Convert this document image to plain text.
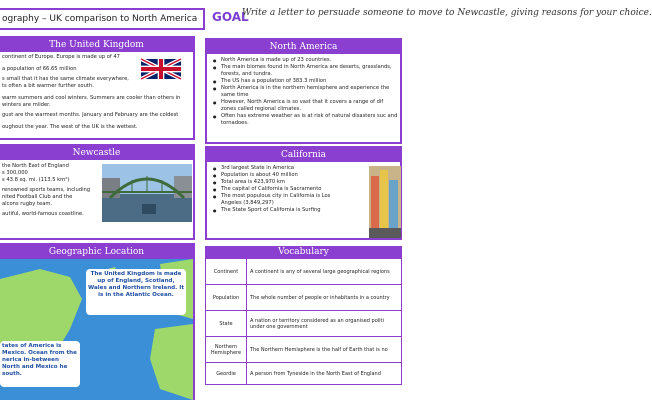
ography – UK comparison to North America	GOAL
Write a letter to persuade someone to move to Newcastle, giving reasons for your choice.
The United Kingdom
continent of Europe. Europe is made up of 47
a population of 66.65 million
s small that it has the same climate everywhere,
ts often a bit warmer further south.
warm summers and cool winters. Summers are cooler than others in
winters are milder.
gust are the warmest months. January and February are the coldest
oughout the year. The west of the UK is the wettest.
Newcastle
the North East of England
s 300,000
s 43.8 sq. mi. (113.5 km²)
renowned sports teams, including
nited Football Club and the
alcons rugby team.
autiful, world-famous coastline.
Geographic Location
The United Kingdom is made up of England, Scotland, Wales and Northern Ireland. It is in the Atlantic Ocean.
tates of America is Mexico. Ocean from the nerica in-between North and Mexico he south.
North America
● North America is made up of 23 countries.
● The main biomes found in North America are deserts, grasslands, forests, and tundra.
● The US has a population of 383.3 million
● North America is in the northern hemisphere and experience the same time
● However, North America is so vast that it covers a range of dif zones called regional climates.
● Often has extreme weather as is at risk of natural disasters suc and tornadoes.
California
● 3rd largest State in America
● Population is about 40 million
● Total area is 423,970 km
● The capital of California is Sacramento
● The most populous city in California is Los Angeles (3,849,297)
● The State Sport of California is Surfing
Vocabulary
Continent	A continent is any of several large geographical regions
Population	The whole number of people or inhabitants in a country
State	A nation or territory considered as an organised politi under one government
Northern Hemisphere	The Northern Hemisphere is the half of Earth that is no
Geordie	A person from Tyneside in the North East of England
